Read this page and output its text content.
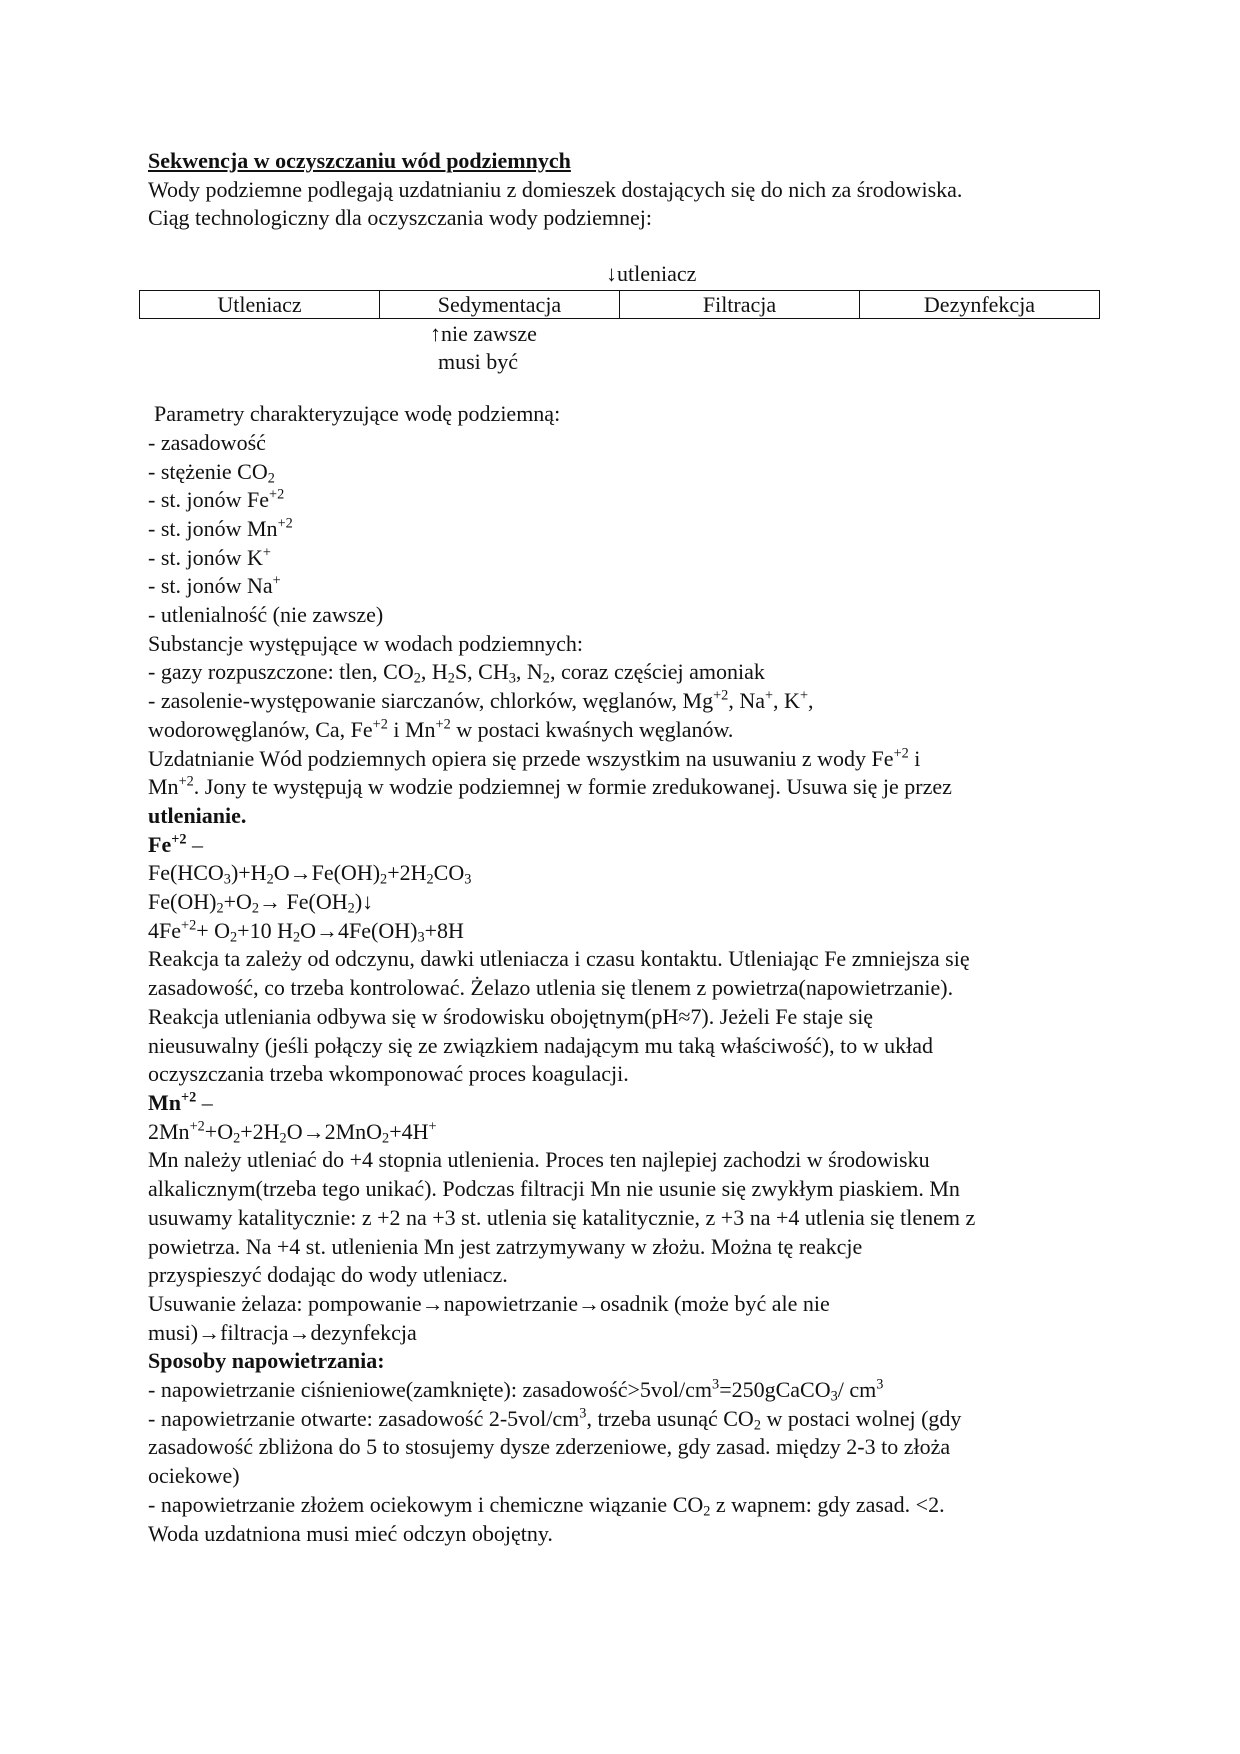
Sekwencja w oczyszczaniu wód podziemnych
Wody podziemne podlegają uzdatnianiu z domieszek dostających się do nich za środowiska.
Ciąg technologiczny dla oczyszczania wody podziemnej:
↓utleniacz
Utleniacz	Sedymentacja	Filtracja	Dezynfekcja
↑nie zawsze
musi być
Parametry charakteryzujące wodę podziemną:
- zasadowość
- stężenie $CO_2$
- st. jonów $Fe^{+2}$
- st. jonów $Mn^{+2}$
- st. jonów K+
- st. jonów Na+
- utlenialność (nie zawsze)
Substancje występujące w wodach podziemnych:
- gazy rozpuszczone: tlen, $CO_2$, $H_2S$, $CH_3$, $N_2$, coraz częściej amoniak
- zasolenie-występowanie siarczanów, chlorków, węglanów, $Mg^{+2}$, Na+, K+,
wodorowęglanów, Ca, $Fe^{+2}$ i $Mn^{+2}$ w postaci kwaśnych węglanów.
Uzdatnianie Wód podziemnych opiera się przede wszystkim na usuwaniu z wody $Fe^{+2}$ i
$Mn^{+2}$. Jony te występują w wodzie podziemnej w formie zredukowanej. Usuwa się je przez
utlenianie.
$Fe^{+2}$ –
$Fe(HCO_3)+H_2O\to Fe(OH)_2+2H_2CO_3$
$Fe(OH)_2+O_2\to$ $Fe(OH_2)↓$
$4Fe^{+2}+ O_2+10$ $H_2O\to 4Fe(OH)_3+8H$
Reakcja ta zależy od odczynu, dawki utleniacza i czasu kontaktu. Utleniając Fe zmniejsza się
zasadowość, co trzeba kontrolować. Żelazo utlenia się tlenem z powietrza(napowietrzanie).
Reakcja utleniania odbywa się w środowisku obojętnym(pH≈7). Jeżeli Fe staje się
nieusuwalny (jeśli połączy się ze związkiem nadającym mu taką właściwość), to w układ
oczyszczania trzeba wkomponować proces koagulacji.
$Mn^{+2}$ –
$2Mn^{+2}+O_2+2H_2O\to 2MnO_2+4H^+$
Mn należy utleniać do +4 stopnia utlenienia. Proces ten najlepiej zachodzi w środowisku
alkalicznym(trzeba tego unikać). Podczas filtracji Mn nie usunie się zwykłym piaskiem. Mn
usuwamy katalitycznie: z +2 na +3 st. utlenia się katalitycznie, z +3 na +4 utlenia się tlenem z
powietrza. Na +4 st. utlenienia Mn jest zatrzymywany w złożu. Można tę reakcje
przyspieszyć dodając do wody utleniacz.
Usuwanie żelaza: pompowanie→napowietrzanie→osadnik (może być ale nie
musi)→filtracja→dezynfekcja
Sposoby napowietrzania:
- napowietrzanie ciśnieniowe(zamknięte): $zasadowość>5vol/cm^3=250gCaCO_3/$ $cm^3$
- napowietrzanie otwarte: zasadowość $2-5vol/cm^3$, trzeba usunąć $CO_2$ w postaci wolnej (gdy
zasadowość zbliżona do 5 to stosujemy dysze zderzeniowe, gdy zasad. między 2-3 to złoża
ociekowe)
- napowietrzanie złożem ociekowym i chemiczne wiązanie $CO_2$ z wapnem: gdy zasad. <2.
Woda uzdatniona musi mieć odczyn obojętny.
